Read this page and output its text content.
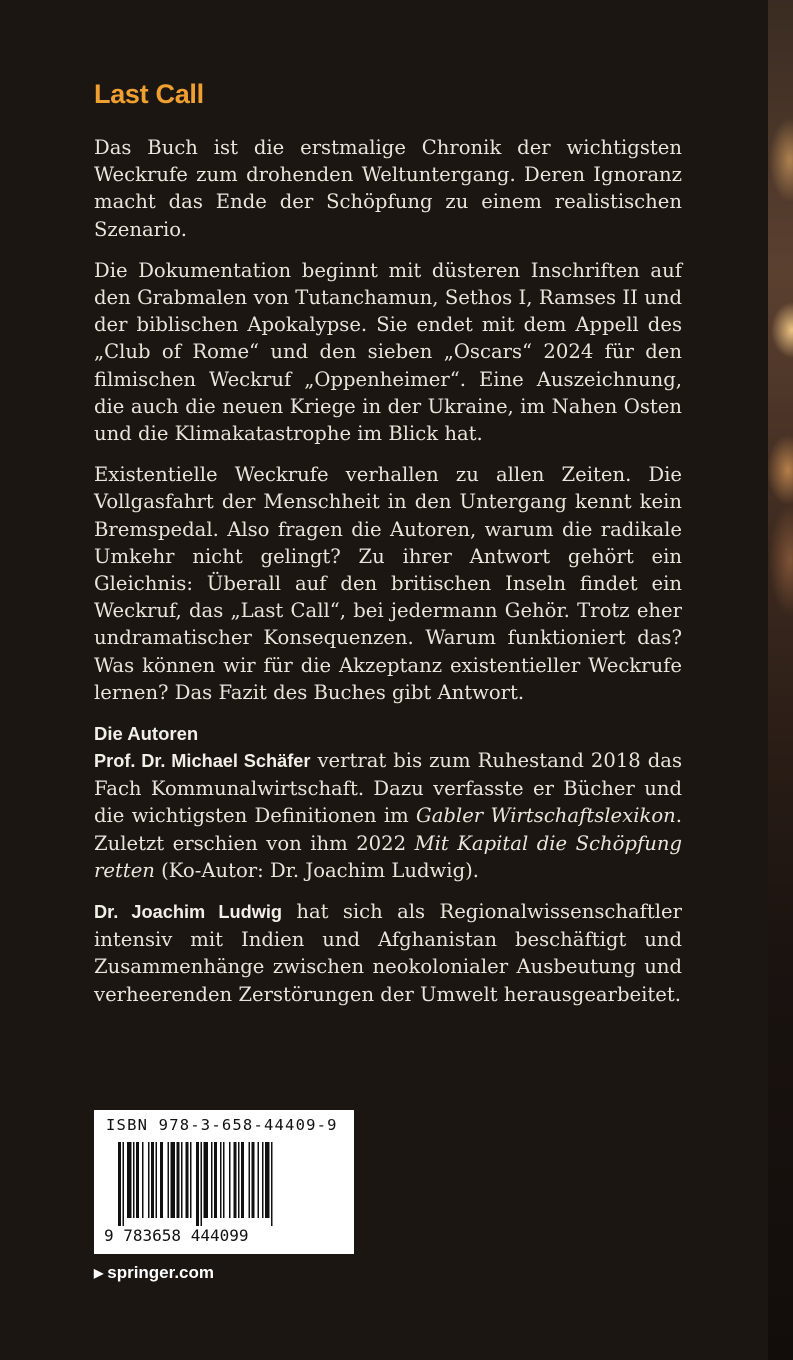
Last Call

Das Buch ist die erstmalige Chronik der wichtigsten Weckrufe zum drohenden Weltuntergang. Deren Ignoranz macht das Ende der Schöpfung zu einem realistischen Szenario.

Die Dokumentation beginnt mit düsteren Inschriften auf den Grabmalen von Tutanchamun, Sethos I, Ramses II und der biblischen Apokalypse. Sie endet mit dem Appell des „Club of Rome“ und den sieben „Oscars“ 2024 für den filmischen Weckruf „Oppenheimer“. Eine Auszeichnung, die auch die neuen Kriege in der Ukraine, im Nahen Osten und die Klimakatastrophe im Blick hat.

Existentielle Weckrufe verhallen zu allen Zeiten. Die Vollgasfahrt der Menschheit in den Untergang kennt kein Bremspedal. Also fragen die Autoren, warum die radikale Umkehr nicht gelingt? Zu ihrer Antwort gehört ein Gleichnis: Überall auf den britischen Inseln findet ein Weckruf, das „Last Call“, bei jedermann Gehör. Trotz eher undramatischer Konsequenzen. Warum funktioniert das? Was können wir für die Akzeptanz existentieller Weckrufe lernen? Das Fazit des Buches gibt Antwort.

Die Autoren

Prof. Dr. Michael Schäfer vertrat bis zum Ruhestand 2018 das Fach Kommunalwirtschaft. Dazu verfasste er Bücher und die wichtigsten Definitionen im Gabler Wirtschaftslexikon. Zuletzt erschien von ihm 2022 Mit Kapital die Schöpfung retten (Ko-Autor: Dr. Joachim Ludwig).

Dr. Joachim Ludwig hat sich als Regionalwissenschaftler intensiv mit Indien und Afghanistan beschäftigt und Zusammenhänge zwischen neokolonialer Ausbeutung und verheerenden Zerstörungen der Umwelt herausgearbeitet.

ISBN 978-3-658-44409-9
9 783658 444099
▶ springer.com
